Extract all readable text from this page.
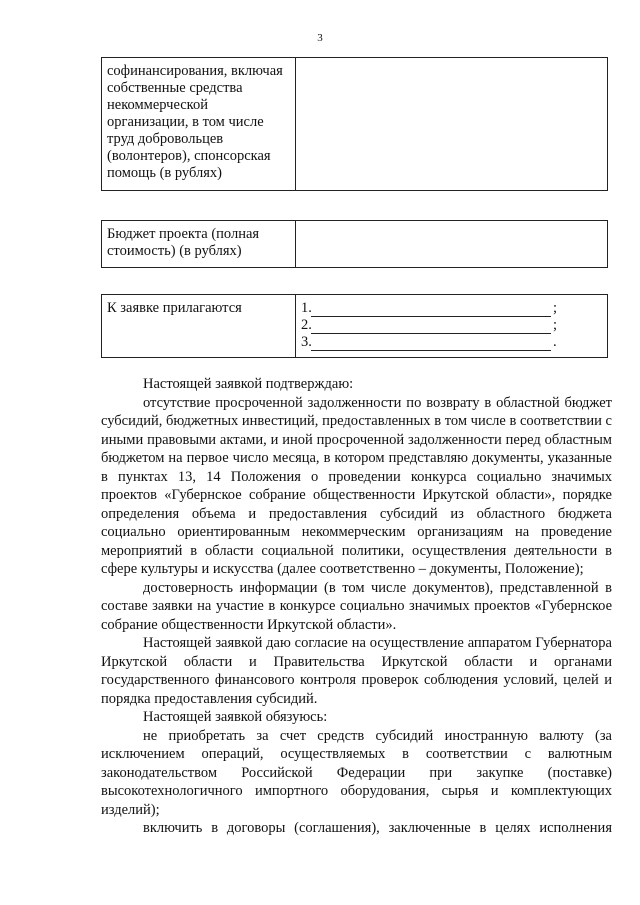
3
софинансирования, включая
собственные средства
некоммерческой
организации, в том числе
труд добровольцев
(волонтеров), спонсорская
помощь (в рублях)

Бюджет проекта (полная
стоимость) (в рублях)

К заявке прилагаются	1.	;
2.	;
3.	.

Настоящей заявкой подтверждаю:

отсутствие просроченной задолженности по возврату в областной бюджет субсидий, бюджетных инвестиций, предоставленных в том числе в соответствии с иными правовыми актами, и иной просроченной задолженности перед областным бюджетом на первое число месяца, в котором представляю документы, указанные в пунктах 13, 14 Положения о проведении конкурса социально значимых проектов «Губернское собрание общественности Иркутской области», порядке определения объема и предоставления субсидий из областного бюджета социально ориентированным некоммерческим организациям на проведение мероприятий в области социальной политики, осуществления деятельности в сфере культуры и искусства (далее соответственно – документы, Положение);

достоверность информации (в том числе документов), представленной в составе заявки на участие в конкурсе социально значимых проектов «Губернское собрание общественности Иркутской области».

Настоящей заявкой даю согласие на осуществление аппаратом Губернатора Иркутской области и Правительства Иркутской области и органами государственного финансового контроля проверок соблюдения условий, целей и порядка предоставления субсидий.

Настоящей заявкой обязуюсь:

не приобретать за счет средств субсидий иностранную валюту (за исключением операций, осуществляемых в соответствии с валютным законодательством Российской Федерации при закупке (поставке) высокотехнологичного импортного оборудования, сырья и комплектующих изделий);

включить в договоры (соглашения), заключенные в целях исполнения
